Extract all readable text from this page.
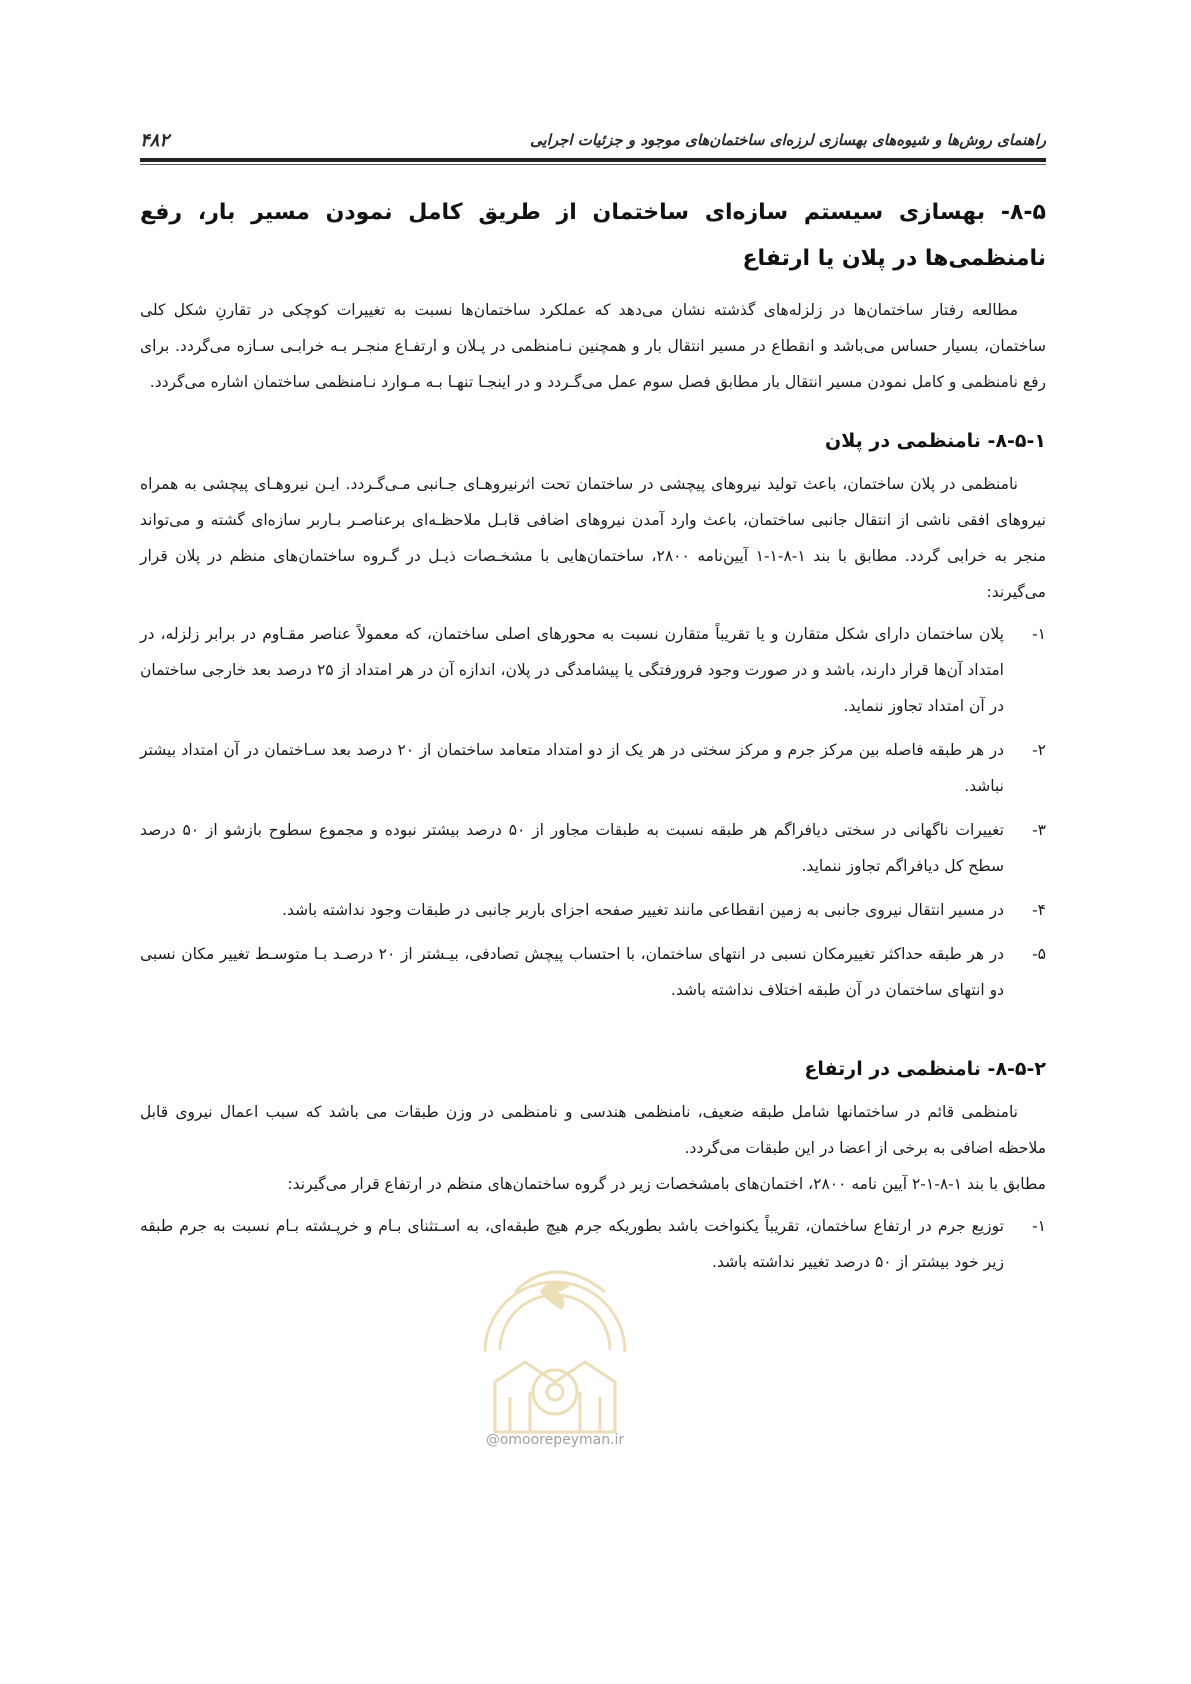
راهنمای روش‌ها و شیوه‌های بهسازی لرزه‌ای ساختمان‌های موجود و جزئیات اجرایی
۴۸۲
۸-۵- بهسازی سیستم سازه‌ای ساختمان از طریق کامل نمودن مسیر بار، رفع نامنظمی‌ها در پلان یا ارتفاع

مطالعه رفتار ساختمان‌ها در زلزله‌های گذشته نشان می‌دهد که عملکرد ساختمان‌ها نسبت به تغییرات کوچکی در تقارنِ شکل کلی ساختمان، بسیار حساس می‌باشد و انقطاع در مسیر انتقال بار و همچنین نـامنظمی در پـلان و ارتفـاع منجـر بـه خرابـی سـازه می‌گردد. برای رفع نامنظمی و کامل نمودن مسیر انتقال بار مطابق فصل سوم عمل می‌گـردد و در اینجـا تنهـا بـه مـوارد نـامنظمی ساختمان اشاره می‌گردد.

۸-۵-۱- نامنظمی در پلان

نامنظمی در پلان ساختمان، باعث تولید نیروهای پیچشی در ساختمان تحت اثرنیروهـای جـانبی مـی‌گـردد. ایـن نیروهـای پیچشی به همراه نیروهای افقی ناشی از انتقال جانبی ساختمان، باعث وارد آمدن نیروهای اضافی قابـل ملاحظـه‌ای برعناصـر بـاربر سازه‌ای گشته و می‌تواند منجر به خرابی گردد. مطابق با بند ۱-۸-۱-۱ آیین‌نامه ۲۸۰۰، ساختمان‌هایی با مشخـصات ذیـل در گـروه ساختمان‌های منظم در پلان قرار می‌گیرند:

۱-
پلان ساختمان دارای شکل متقارن و یا تقریباً متقارن نسبت به محورهای اصلی ساختمان، که معمولاً عناصر مقـاوم در برابر زلزله، در امتداد آن‌ها قرار دارند، باشد و در صورت وجود فرورفتگی یا پیشامدگی در پلان، اندازه آن در هر امتداد از ۲۵ درصد بعد خارجی ساختمان در آن امتداد تجاوز ننماید.
۲-
در هر طبقه فاصله بین مرکز جرم و مرکز سختی در هر یک از دو امتداد متعامد ساختمان از ۲۰ درصد بعد سـاختمان در آن امتداد بیشتر نباشد.
۳-
تغییرات ناگهانی در سختی دیافراگم هر طبقه نسبت به طبقات مجاور از ۵۰ درصد بیشتر نبوده و مجموع سطوح بازشو از ۵۰ درصد سطح کل دیافراگم تجاوز ننماید.
۴-
در مسیر انتقال نیروی جانبی به زمین انقطاعی مانند تغییر صفحه اجزای باربر جانبی در طبقات وجود نداشته باشد.
۵-
در هر طبقه حداکثر تغییرمکان نسبی در انتهای ساختمان، با احتساب پیچش تصادفی، بیـشتر از ۲۰ درصـد بـا متوسـط تغییر مکان نسبی دو انتهای ساختمان در آن طبقه اختلاف نداشته باشد.
۸-۵-۲- نامنظمی در ارتفاع

نامنظمی قائم در ساختمانها شامل طبقه ضعیف، نامنظمی هندسی و نامنظمی در وزن طبقات می باشد که سبب اعمال نیروی قابل ملاحظه اضافی به برخی از اعضا در این طبقات می‌گردد.

مطابق با بند ۱-۸-۱-۲ آیین نامه ۲۸۰۰، اختمان‌های بامشخصات زیر در گروه ساختمان‌های منظم در ارتفاع قرار می‌گیرند:

۱-
توزیع جرم در ارتفاع ساختمان، تقریباً یکنواخت باشد بطوریکه جرم هیچ طبقه‌ای، به اسـتثنای بـام و خرپـشته بـام نسبت به جرم طبقه زیر خود بیشتر از ۵۰ درصد تغییر نداشته باشد.
@omoorepeyman.ir
